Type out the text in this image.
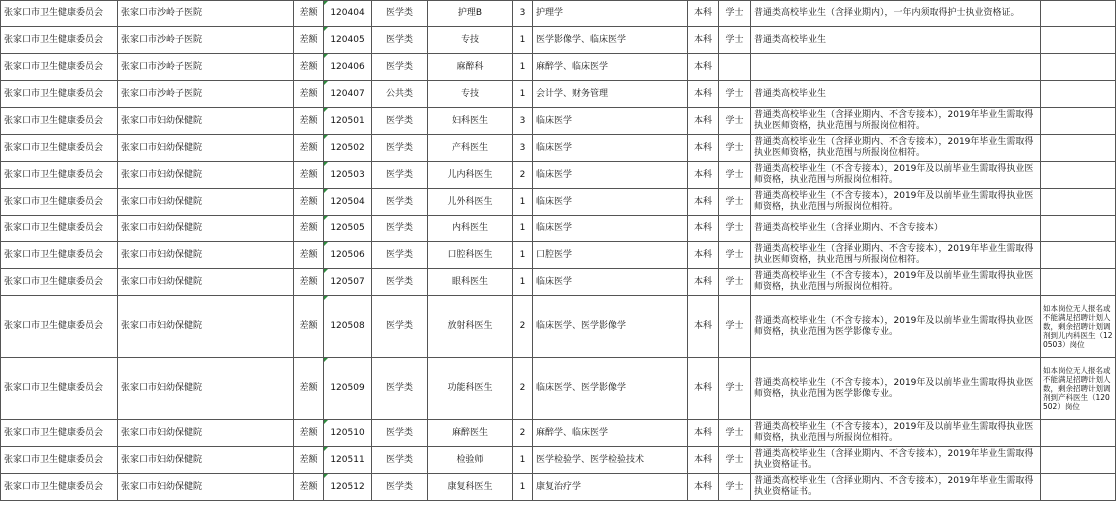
张家口市卫生健康委员会	张家口市沙岭子医院	差额	120404	医学类	护理B	3	护理学	本科	学士	普通类高校毕业生（含择业期内），一年内须取得护士执业资格证。	
张家口市卫生健康委员会	张家口市沙岭子医院	差额	120405	医学类	专技	1	医学影像学、临床医学	本科	学士	普通类高校毕业生	
张家口市卫生健康委员会	张家口市沙岭子医院	差额	120406	医学类	麻醉科	1	麻醉学、临床医学	本科			
张家口市卫生健康委员会	张家口市沙岭子医院	差额	120407	公共类	专技	1	会计学、财务管理	本科	学士	普通类高校毕业生	
张家口市卫生健康委员会	张家口市妇幼保健院	差额	120501	医学类	妇科医生	3	临床医学	本科	学士	普通类高校毕业生（含择业期内、不含专接本），2019年毕业生需取得执业医师资格，执业范围与所报岗位相符。	
张家口市卫生健康委员会	张家口市妇幼保健院	差额	120502	医学类	产科医生	3	临床医学	本科	学士	普通类高校毕业生（含择业期内、不含专接本），2019年毕业生需取得执业医师资格，执业范围与所报岗位相符。	
张家口市卫生健康委员会	张家口市妇幼保健院	差额	120503	医学类	儿内科医生	2	临床医学	本科	学士	普通类高校毕业生（不含专接本），2019年及以前毕业生需取得执业医师资格，执业范围与所报岗位相符。	
张家口市卫生健康委员会	张家口市妇幼保健院	差额	120504	医学类	儿外科医生	1	临床医学	本科	学士	普通类高校毕业生（不含专接本），2019年及以前毕业生需取得执业医师资格，执业范围与所报岗位相符。	
张家口市卫生健康委员会	张家口市妇幼保健院	差额	120505	医学类	内科医生	1	临床医学	本科	学士	普通类高校毕业生（含择业期内、不含专接本）	
张家口市卫生健康委员会	张家口市妇幼保健院	差额	120506	医学类	口腔科医生	1	口腔医学	本科	学士	普通类高校毕业生（含择业期内、不含专接本），2019年毕业生需取得执业医师资格，执业范围与所报岗位相符。	
张家口市卫生健康委员会	张家口市妇幼保健院	差额	120507	医学类	眼科医生	1	临床医学	本科	学士	普通类高校毕业生（不含专接本），2019年及以前毕业生需取得执业医师资格，执业范围与所报岗位相符。	
张家口市卫生健康委员会	张家口市妇幼保健院	差额	120508	医学类	放射科医生	2	临床医学、医学影像学	本科	学士	普通类高校毕业生（不含专接本），2019年及以前毕业生需取得执业医师资格，执业范围为医学影像专业。	如本岗位无人报名或不能满足招聘计划人数，剩余招聘计划调剂到儿内科医生（120503）岗位
张家口市卫生健康委员会	张家口市妇幼保健院	差额	120509	医学类	功能科医生	2	临床医学、医学影像学	本科	学士	普通类高校毕业生（不含专接本），2019年及以前毕业生需取得执业医师资格，执业范围为医学影像专业。	如本岗位无人报名或不能满足招聘计划人数，剩余招聘计划调剂到产科医生（120502）岗位
张家口市卫生健康委员会	张家口市妇幼保健院	差额	120510	医学类	麻醉医生	2	麻醉学、临床医学	本科	学士	普通类高校毕业生（不含专接本），2019年及以前毕业生需取得执业医师资格，执业范围与所报岗位相符。	
张家口市卫生健康委员会	张家口市妇幼保健院	差额	120511	医学类	检验师	1	医学检验学、医学检验技术	本科	学士	普通类高校毕业生（含择业期内、不含专接本），2019年毕业生需取得执业资格证书。	
张家口市卫生健康委员会	张家口市妇幼保健院	差额	120512	医学类	康复科医生	1	康复治疗学	本科	学士	普通类高校毕业生（含择业期内、不含专接本），2019年毕业生需取得执业资格证书。	
